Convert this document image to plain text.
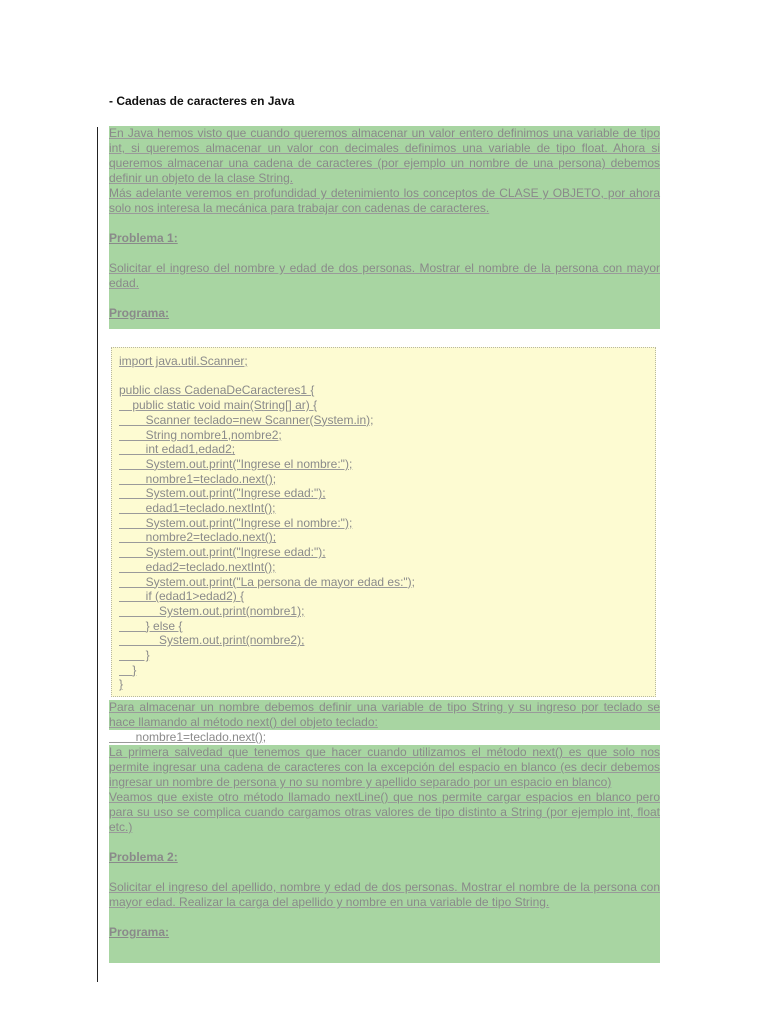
- Cadenas de caracteres en Java

En Java hemos visto que cuando queremos almacenar un valor entero definimos una variable de tipo int, si queremos almacenar un valor con decimales definimos una variable de tipo float. Ahora si queremos almacenar una cadena de caracteres (por ejemplo un nombre de una persona) debemos definir un objeto de la clase String.

Más adelante veremos en profundidad y detenimiento los conceptos de CLASE y OBJETO, por ahora solo nos interesa la mecánica para trabajar con cadenas de caracteres.

Problema 1:

Solicitar el ingreso del nombre y edad de dos personas. Mostrar el nombre de la persona con mayor edad.

Programa:
import java.util.Scanner;
public class CadenaDeCaracteres1 {
public static void main(String[] ar) {
Scanner teclado=new Scanner(System.in);
String nombre1,nombre2;
int edad1,edad2;
System.out.print("Ingrese el nombre:");
nombre1=teclado.next();
System.out.print("Ingrese edad:");
edad1=teclado.nextInt();
System.out.print("Ingrese el nombre:");
nombre2=teclado.next();
System.out.print("Ingrese edad:");
edad2=teclado.nextInt();
System.out.print("La persona de mayor edad es:");
if (edad1>edad2) {
System.out.print(nombre1);
} else {
System.out.print(nombre2);
}
}
}

Para almacenar un nombre debemos definir una variable de tipo String y su ingreso por teclado se hace llamando al método next() del objeto teclado:

nombre1=teclado.next();

La primera salvedad que tenemos que hacer cuando utilizamos el método next() es que solo nos permite ingresar una cadena de caracteres con la excepción del espacio en blanco (es decir debemos ingresar un nombre de persona y no su nombre y apellido separado por un espacio en blanco)

Veamos que existe otro método llamado nextLine() que nos permite cargar espacios en blanco pero para su uso se complica cuando cargamos otras valores de tipo distinto a String (por ejemplo int, float etc.)

Problema 2:

Solicitar el ingreso del apellido, nombre y edad de dos personas. Mostrar el nombre de la persona con mayor edad. Realizar la carga del apellido y nombre en una variable de tipo String.

Programa:
